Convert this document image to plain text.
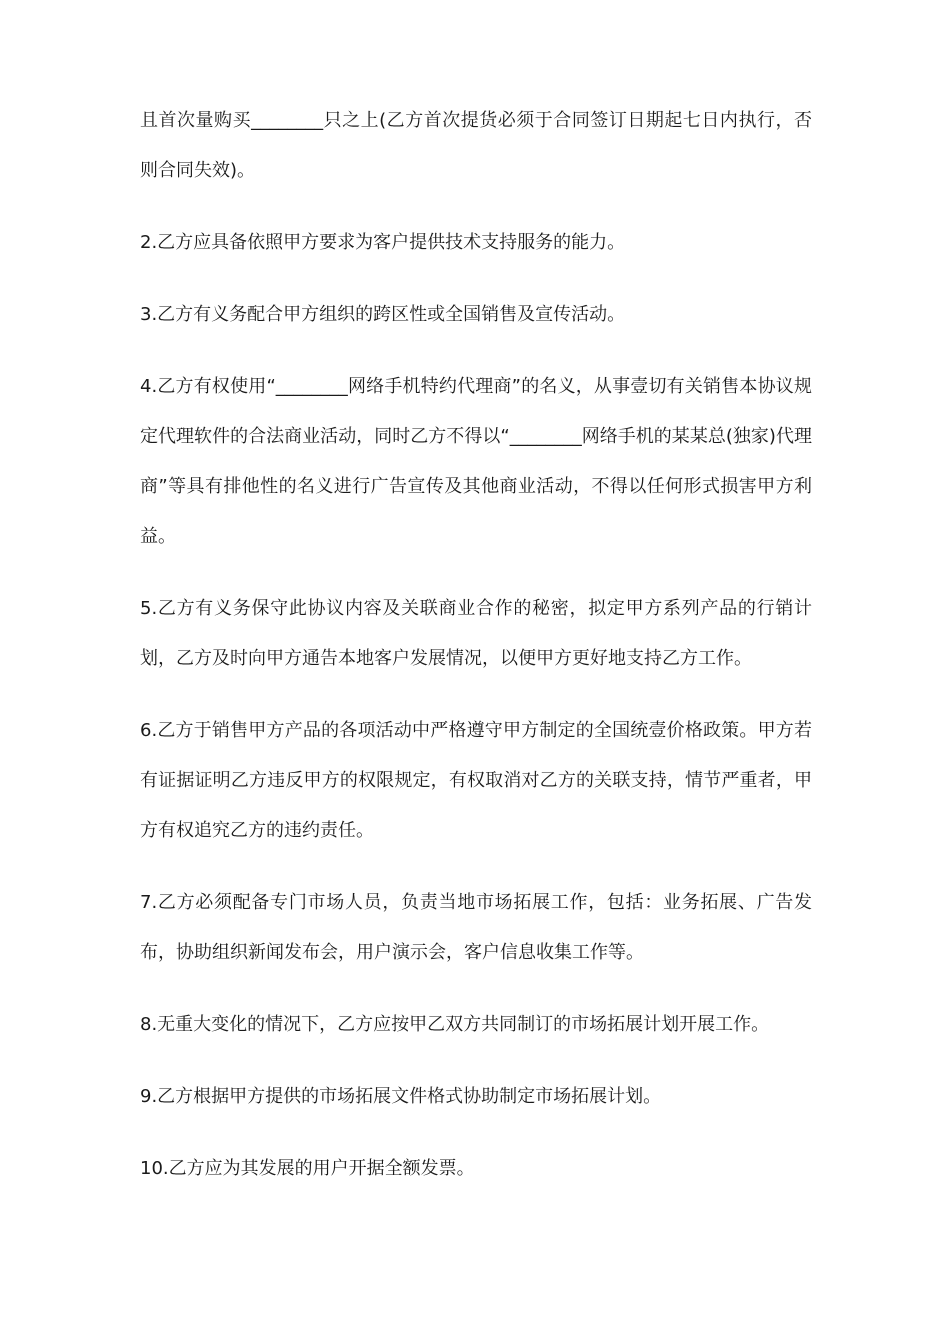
且首次量购买________只之上(乙方首次提货必须于合同签订日期起七日内执行，否则合同失效)。

2.乙方应具备依照甲方要求为客户提供技术支持服务的能力。

3.乙方有义务配合甲方组织的跨区性或全国销售及宣传活动。

4.乙方有权使用“________网络手机特约代理商”的名义，从事壹切有关销售本协议规定代理软件的合法商业活动，同时乙方不得以“________网络手机的某某总(独家)代理商”等具有排他性的名义进行广告宣传及其他商业活动，不得以任何形式损害甲方利益。

5.乙方有义务保守此协议内容及关联商业合作的秘密，拟定甲方系列产品的行销计划，乙方及时向甲方通告本地客户发展情况，以便甲方更好地支持乙方工作。

6.乙方于销售甲方产品的各项活动中严格遵守甲方制定的全国统壹价格政策。甲方若有证据证明乙方违反甲方的权限规定，有权取消对乙方的关联支持，情节严重者，甲方有权追究乙方的违约责任。

7.乙方必须配备专门市场人员，负责当地市场拓展工作，包括：业务拓展、广告发布，协助组织新闻发布会，用户演示会，客户信息收集工作等。

8.无重大变化的情况下，乙方应按甲乙双方共同制订的市场拓展计划开展工作。

9.乙方根据甲方提供的市场拓展文件格式协助制定市场拓展计划。

10.乙方应为其发展的用户开据全额发票。
